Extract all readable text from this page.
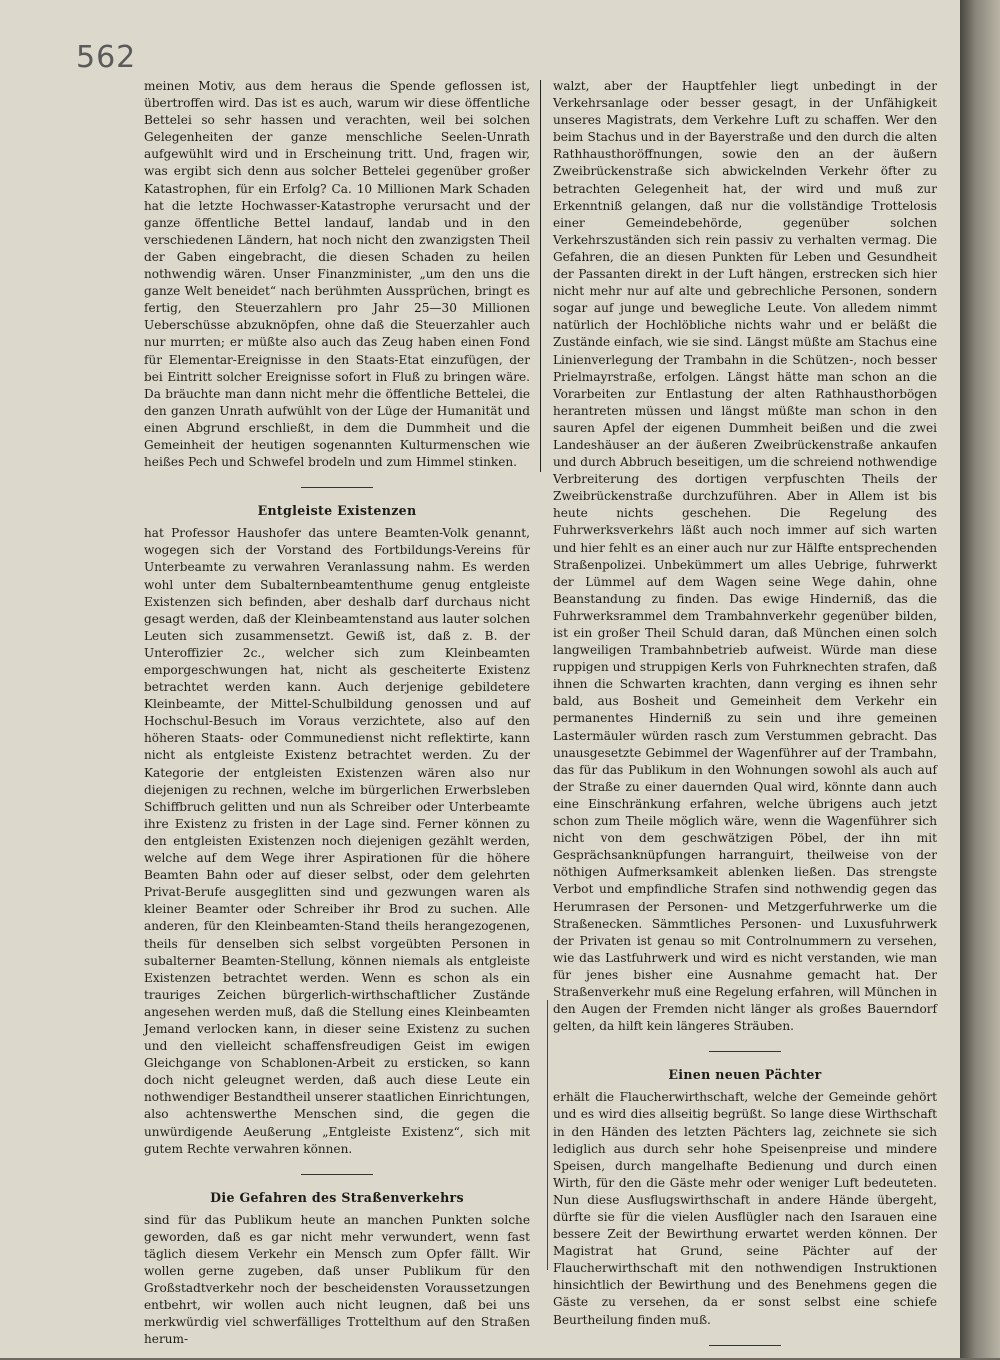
562

meinen Motiv, aus dem heraus die Spende geflossen ist, übertroffen wird. Das ist es auch, warum wir diese öffentliche Bettelei so sehr hassen und verachten, weil bei solchen Gelegenheiten der ganze menschliche Seelen-Unrath aufgewühlt wird und in Erscheinung tritt. Und, fragen wir, was ergibt sich denn aus solcher Bettelei gegenüber großer Katastrophen, für ein Erfolg? Ca. 10 Millionen Mark Schaden hat die letzte Hochwasser-Katastrophe verursacht und der ganze öffentliche Bettel landauf, landab und in den verschiedenen Ländern, hat noch nicht den zwanzigsten Theil der Gaben eingebracht, die diesen Schaden zu heilen nothwendig wären. Unser Finanzminister, „um den uns die ganze Welt beneidet“ nach berühmten Aussprüchen, bringt es fertig, den Steuerzahlern pro Jahr 25—30 Millionen Ueberschüsse abzuknöpfen, ohne daß die Steuerzahler auch nur murrten; er müßte also auch das Zeug haben einen Fond für Elementar-Ereignisse in den Staats-Etat einzufügen, der bei Eintritt solcher Ereignisse sofort in Fluß zu bringen wäre. Da bräuchte man dann nicht mehr die öffentliche Bettelei, die den ganzen Unrath aufwühlt von der Lüge der Humanität und einen Abgrund erschließt, in dem die Dummheit und die Gemeinheit der heutigen sogenannten Kulturmenschen wie heißes Pech und Schwefel brodeln und zum Himmel stinken.

Entgleiste Existenzen

hat Professor Haushofer das untere Beamten-Volk genannt, wogegen sich der Vorstand des Fortbildungs-Vereins für Unterbeamte zu verwahren Veranlassung nahm. Es werden wohl unter dem Subalternbeamtenthume genug entgleiste Existenzen sich befinden, aber deshalb darf durchaus nicht gesagt werden, daß der Kleinbeamtenstand aus lauter solchen Leuten sich zusammensetzt. Gewiß ist, daß z. B. der Unteroffizier 2c., welcher sich zum Kleinbeamten emporgeschwungen hat, nicht als gescheiterte Existenz betrachtet werden kann. Auch derjenige gebildetere Kleinbeamte, der Mittel-Schulbildung genossen und auf Hochschul-Besuch im Voraus verzichtete, also auf den höheren Staats- oder Communedienst nicht reflektirte, kann nicht als entgleiste Existenz betrachtet werden. Zu der Kategorie der entgleisten Existenzen wären also nur diejenigen zu rechnen, welche im bürgerlichen Erwerbsleben Schiffbruch gelitten und nun als Schreiber oder Unterbeamte ihre Existenz zu fristen in der Lage sind. Ferner können zu den entgleisten Existenzen noch diejenigen gezählt werden, welche auf dem Wege ihrer Aspirationen für die höhere Beamten Bahn oder auf dieser selbst, oder dem gelehrten Privat-Berufe ausgeglitten sind und gezwungen waren als kleiner Beamter oder Schreiber ihr Brod zu suchen. Alle anderen, für den Kleinbeamten-Stand theils herangezogenen, theils für denselben sich selbst vorgeübten Personen in subalterner Beamten-Stellung, können niemals als entgleiste Existenzen betrachtet werden. Wenn es schon als ein trauriges Zeichen bürgerlich-wirthschaftlicher Zustände angesehen werden muß, daß die Stellung eines Kleinbeamten Jemand verlocken kann, in dieser seine Existenz zu suchen und den vielleicht schaffensfreudigen Geist im ewigen Gleichgange von Schablonen-Arbeit zu ersticken, so kann doch nicht geleugnet werden, daß auch diese Leute ein nothwendiger Bestandtheil unserer staatlichen Einrichtungen, also achtenswerthe Menschen sind, die gegen die unwürdigende Aeußerung „Entgleiste Existenz“, sich mit gutem Rechte verwahren können.

Die Gefahren des Straßenverkehrs

sind für das Publikum heute an manchen Punkten solche geworden, daß es gar nicht mehr verwundert, wenn fast täglich diesem Verkehr ein Mensch zum Opfer fällt. Wir wollen gerne zugeben, daß unser Publikum für den Großstadtverkehr noch der bescheidensten Voraussetzungen entbehrt, wir wollen auch nicht leugnen, daß bei uns merkwürdig viel schwerfälliges Trottelthum auf den Straßen herum-

walzt, aber der Hauptfehler liegt unbedingt in der Verkehrsanlage oder besser gesagt, in der Unfähigkeit unseres Magistrats, dem Verkehre Luft zu schaffen. Wer den beim Stachus und in der Bayerstraße und den durch die alten Rathhausthoröffnungen, sowie den an der äußern Zweibrückenstraße sich abwickelnden Verkehr öfter zu betrachten Gelegenheit hat, der wird und muß zur Erkenntniß gelangen, daß nur die vollständige Trottelosis einer Gemeindebehörde, gegenüber solchen Verkehrszuständen sich rein passiv zu verhalten vermag. Die Gefahren, die an diesen Punkten für Leben und Gesundheit der Passanten direkt in der Luft hängen, erstrecken sich hier nicht mehr nur auf alte und gebrechliche Personen, sondern sogar auf junge und bewegliche Leute. Von alledem nimmt natürlich der Hochlöbliche nichts wahr und er beläßt die Zustände einfach, wie sie sind. Längst müßte am Stachus eine Linienverlegung der Trambahn in die Schützen-, noch besser Prielmayrstraße, erfolgen. Längst hätte man schon an die Vorarbeiten zur Entlastung der alten Rathhausthorbögen herantreten müssen und längst müßte man schon in den sauren Apfel der eigenen Dummheit beißen und die zwei Landeshäuser an der äußeren Zweibrückenstraße ankaufen und durch Abbruch beseitigen, um die schreiend nothwendige Verbreiterung des dortigen verpfuschten Theils der Zweibrückenstraße durchzuführen. Aber in Allem ist bis heute nichts geschehen. Die Regelung des Fuhrwerksverkehrs läßt auch noch immer auf sich warten und hier fehlt es an einer auch nur zur Hälfte entsprechenden Straßenpolizei. Unbekümmert um alles Uebrige, fuhrwerkt der Lümmel auf dem Wagen seine Wege dahin, ohne Beanstandung zu finden. Das ewige Hinderniß, das die Fuhrwerksrammel dem Trambahnverkehr gegenüber bilden, ist ein großer Theil Schuld daran, daß München einen solch langweiligen Trambahnbetrieb aufweist. Würde man diese ruppigen und struppigen Kerls von Fuhrknechten strafen, daß ihnen die Schwarten krachten, dann verging es ihnen sehr bald, aus Bosheit und Gemeinheit dem Verkehr ein permanentes Hinderniß zu sein und ihre gemeinen Lastermäuler würden rasch zum Verstummen gebracht. Das unausgesetzte Gebimmel der Wagenführer auf der Trambahn, das für das Publikum in den Wohnungen sowohl als auch auf der Straße zu einer dauernden Qual wird, könnte dann auch eine Einschränkung erfahren, welche übrigens auch jetzt schon zum Theile möglich wäre, wenn die Wagenführer sich nicht von dem geschwätzigen Pöbel, der ihn mit Gesprächsanknüpfungen harranguirt, theilweise von der nöthigen Aufmerksamkeit ablenken ließen. Das strengste Verbot und empfindliche Strafen sind nothwendig gegen das Herumrasen der Personen- und Metzgerfuhrwerke um die Straßenecken. Sämmtliches Personen- und Luxusfuhrwerk der Privaten ist genau so mit Controlnummern zu versehen, wie das Lastfuhrwerk und wird es nicht verstanden, wie man für jenes bisher eine Ausnahme gemacht hat. Der Straßenverkehr muß eine Regelung erfahren, will München in den Augen der Fremden nicht länger als großes Bauerndorf gelten, da hilft kein längeres Sträuben.

Einen neuen Pächter

erhält die Flaucherwirthschaft, welche der Gemeinde gehört und es wird dies allseitig begrüßt. So lange diese Wirthschaft in den Händen des letzten Pächters lag, zeichnete sie sich lediglich aus durch sehr hohe Speisenpreise und mindere Speisen, durch mangelhafte Bedienung und durch einen Wirth, für den die Gäste mehr oder weniger Luft bedeuteten. Nun diese Ausflugswirthschaft in andere Hände übergeht, dürfte sie für die vielen Ausflügler nach den Isarauen eine bessere Zeit der Bewirthung erwartet werden können. Der Magistrat hat Grund, seine Pächter auf der Flaucherwirthschaft mit den nothwendigen Instruktionen hinsichtlich der Bewirthung und des Benehmens gegen die Gäste zu versehen, da er sonst selbst eine schiefe Beurtheilung finden muß.
